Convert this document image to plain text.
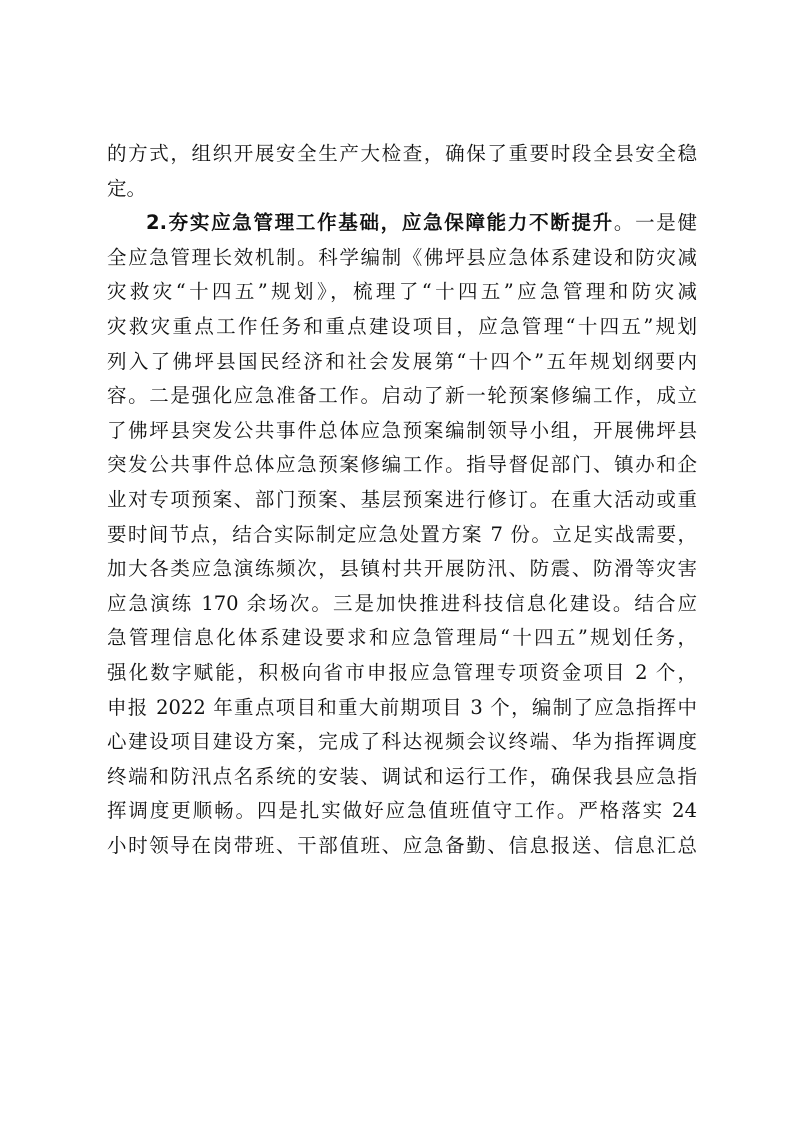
的方式，组织开展安全生产大检查，确保了重要时段全县安全稳
定。
2.夯实应急管理工作基础，应急保障能力不断提升。一是健
全应急管理长效机制。科学编制《佛坪县应急体系建设和防灾减
灾救灾“十四五”规划》，梳理了“十四五”应急管理和防灾减
灾救灾重点工作任务和重点建设项目，应急管理“十四五”规划
列入了佛坪县国民经济和社会发展第“十四个”五年规划纲要内
容。二是强化应急准备工作。启动了新一轮预案修编工作，成立
了佛坪县突发公共事件总体应急预案编制领导小组，开展佛坪县
突发公共事件总体应急预案修编工作。指导督促部门、镇办和企
业对专项预案、部门预案、基层预案进行修订。在重大活动或重
要时间节点，结合实际制定应急处置方案 7 份。立足实战需要，
加大各类应急演练频次，县镇村共开展防汛、防震、防滑等灾害
应急演练 170 余场次。三是加快推进科技信息化建设。结合应
急管理信息化体系建设要求和应急管理局“十四五”规划任务，
强化数字赋能，积极向省市申报应急管理专项资金项目 2 个，
申报 2022 年重点项目和重大前期项目 3 个，编制了应急指挥中
心建设项目建设方案，完成了科达视频会议终端、华为指挥调度
终端和防汛点名系统的安装、调试和运行工作，确保我县应急指
挥调度更顺畅。四是扎实做好应急值班值守工作。严格落实 24
小时领导在岗带班、干部值班、应急备勤、信息报送、信息汇总
